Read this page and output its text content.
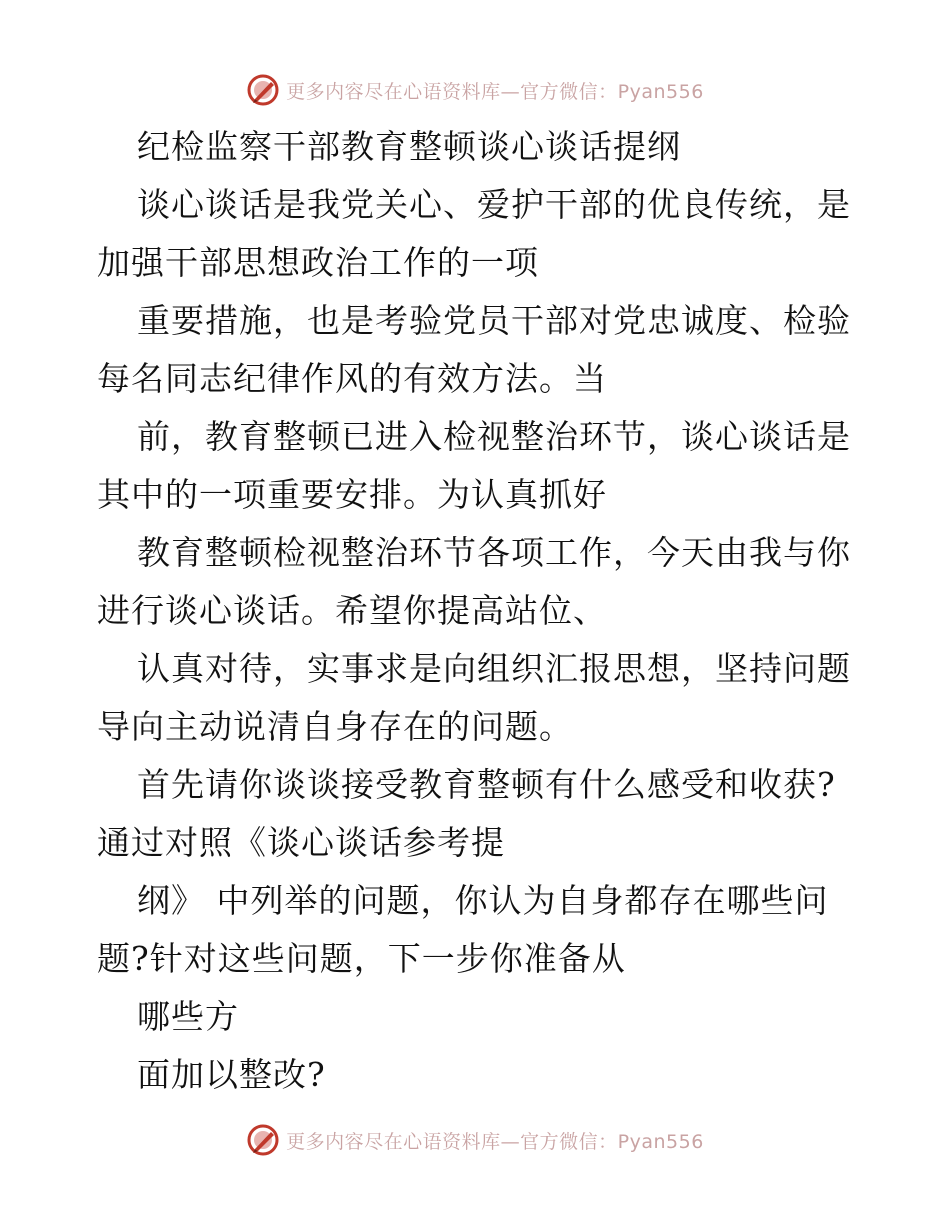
更多内容尽在心语资料库—官方微信：Pyan556
纪检监察干部教育整顿谈心谈话提纲
谈心谈话是我党关心、爱护干部的优良传统，是
加强干部思想政治工作的一项
重要措施，也是考验党员干部对党忠诚度、检验
每名同志纪律作风的有效方法。当
前，教育整顿已进入检视整治环节，谈心谈话是
其中的一项重要安排。为认真抓好
教育整顿检视整治环节各项工作，今天由我与你
进行谈心谈话。希望你提高站位、
认真对待，实事求是向组织汇报思想，坚持问题
导向主动说清自身存在的问题。
首先请你谈谈接受教育整顿有什么感受和收获?
通过对照《谈心谈话参考提
纲》 中列举的问题，你认为自身都存在哪些问
题?针对这些问题，下一步你准备从
哪些方
面加以整改?
更多内容尽在心语资料库—官方微信：Pyan556
